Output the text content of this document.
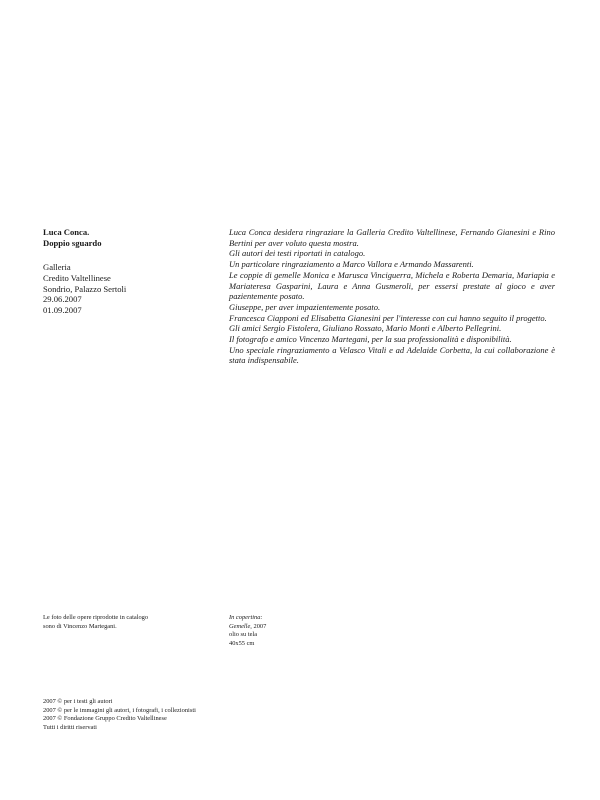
Luca Conca.
Doppio sguardo
Galleria
Credito Valtellinese
Sondrio, Palazzo Sertoli
29.06.2007
01.09.2007

Luca Conca desidera ringraziare la Galleria Credito Valtellinese, Fernando Gianesini e Rino Bertini per aver voluto questa mostra.

Gli autori dei testi riportati in catalogo.

Un particolare ringraziamento a Marco Vallora e Armando Massarenti.

Le coppie di gemelle Monica e Marusca Vinciguerra, Michela e Roberta Demaria, Mariapia e Mariateresa Gasparini, Laura e Anna Gusmeroli, per essersi prestate al gioco e aver pazientemente posato.

Giuseppe, per aver impazientemente posato.

Francesca Ciapponi ed Elisabetta Gianesini per l'interesse con cui hanno seguito il progetto.

Gli amici Sergio Fistolera, Giuliano Rossato, Mario Monti e Alberto Pellegrini.

Il fotografo e amico Vincenzo Martegani, per la sua professionalità e disponibilità.

Uno speciale ringraziamento a Velasco Vitali e ad Adelaide Corbetta, la cui collaborazione è stata indispensabile.

Le foto delle opere riprodotte in catalogo
sono di Vincenzo Martegani.
In copertina:
Gemelle, 2007
olio su tela
40x55 cm
2007 © per i testi gli autori
2007 © per le immagini gli autori, i fotografi, i collezionisti
2007 © Fondazione Gruppo Credito Valtellinese
Tutti i diritti riservati
